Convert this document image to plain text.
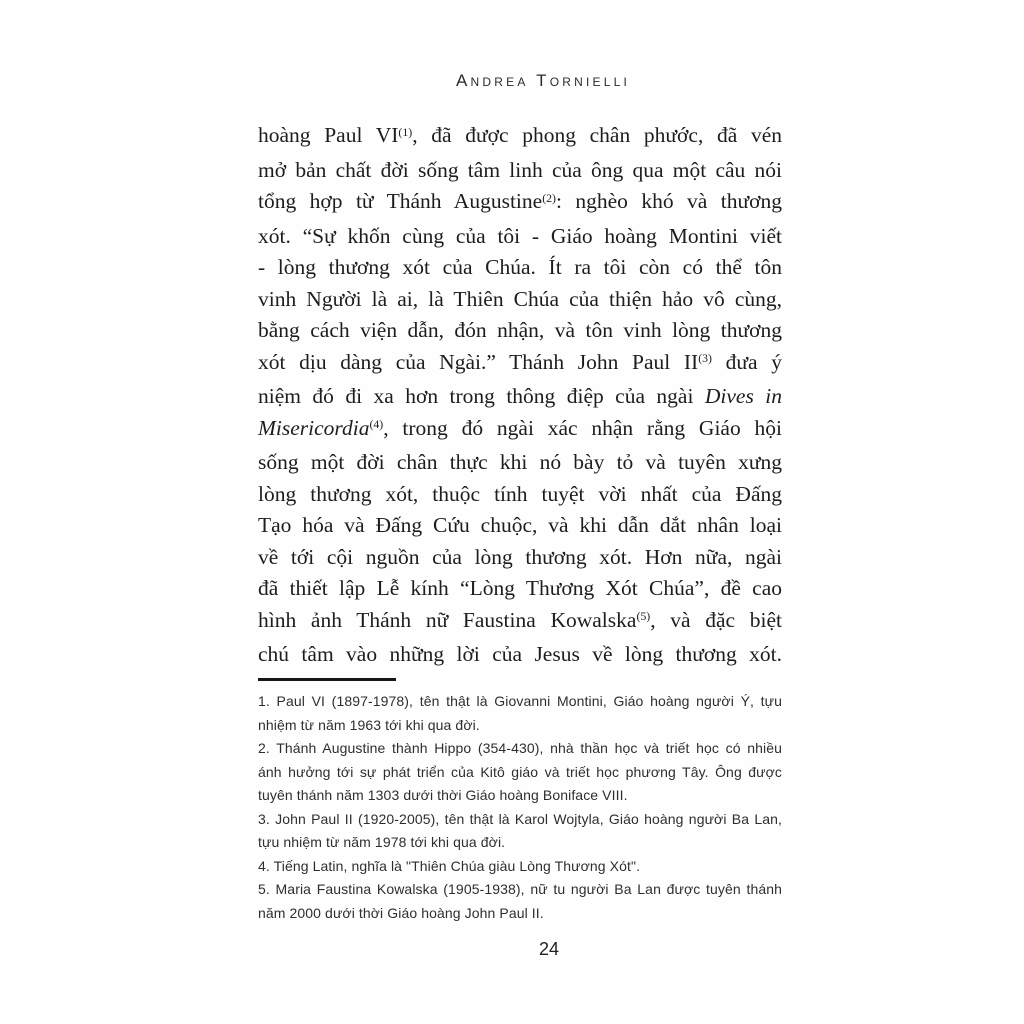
Andrea Tornielli
hoàng Paul VI$^{(1)}$, đã được phong chân phước, đã vén
mở bản chất đời sống tâm linh của ông qua một câu nói
tổng hợp từ Thánh Augustine$^{(2)}$: nghèo khó và thương
xót. “Sự khốn cùng của tôi - Giáo hoàng Montini viết
- lòng thương xót của Chúa. Ít ra tôi còn có thể tôn
vinh Người là ai, là Thiên Chúa của thiện hảo vô cùng,
bằng cách viện dẫn, đón nhận, và tôn vinh lòng thương
xót dịu dàng của Ngài.” Thánh John Paul II$^{(3)}$ đưa ý
niệm đó đi xa hơn trong thông điệp của ngài Dives in
Misericordia$^{(4)}$, trong đó ngài xác nhận rằng Giáo hội
sống một đời chân thực khi nó bày tỏ và tuyên xưng
lòng thương xót, thuộc tính tuyệt vời nhất của Đấng
Tạo hóa và Đấng Cứu chuộc, và khi dẫn dắt nhân loại
về tới cội nguồn của lòng thương xót. Hơn nữa, ngài
đã thiết lập Lễ kính “Lòng Thương Xót Chúa”, đề cao
hình ảnh Thánh nữ Faustina Kowalska$^{(5)}$, và đặc biệt
chú tâm vào những lời của Jesus về lòng thương xót.
1. Paul VI (1897-1978), tên thật là Giovanni Montini, Giáo hoàng người Ý, tựu
nhiệm từ năm 1963 tới khi qua đời.
2. Thánh Augustine thành Hippo (354-430), nhà thần học và triết học có nhiều
ánh hưởng tới sự phát triển của Kitô giáo và triết học phương Tây. Ông được
tuyên thánh năm 1303 dưới thời Giáo hoàng Boniface VIII.
3. John Paul II (1920-2005), tên thật là Karol Wojtyla, Giáo hoàng người Ba Lan,
tựu nhiệm từ năm 1978 tới khi qua đời.
4. Tiếng Latin, nghĩa là "Thiên Chúa giàu Lòng Thương Xót".
5. Maria Faustina Kowalska (1905-1938), nữ tu người Ba Lan được tuyên thánh
năm 2000 dưới thời Giáo hoàng John Paul II.
24
